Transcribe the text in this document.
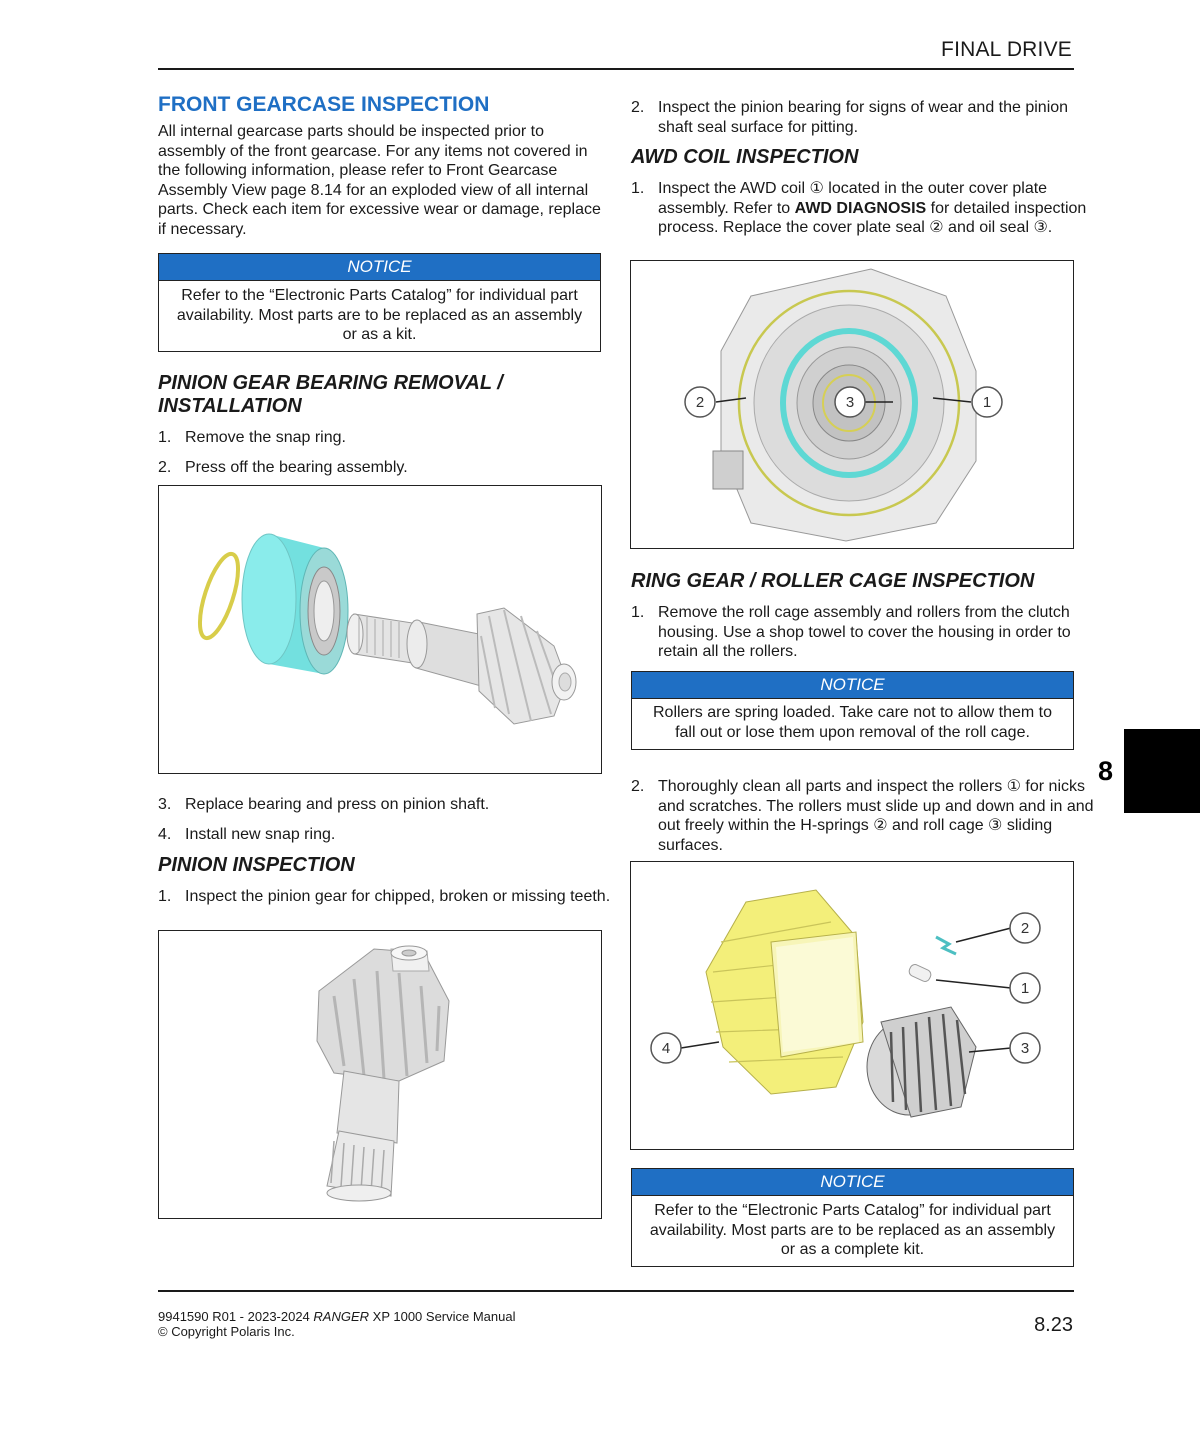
FINAL DRIVE
FRONT GEARCASE INSPECTION
All internal gearcase parts should be inspected prior to assembly of the front gearcase. For any items not covered in the following information, please refer to Front Gearcase Assembly View page 8.14 for an exploded view of all internal parts. Check each item for excessive wear or damage, replace if necessary.
NOTICE
Refer to the “Electronic Parts Catalog” for individual part availability. Most parts are to be replaced as an assembly or as a kit.
PINION GEAR BEARING REMOVAL /
INSTALLATION
1. Remove the snap ring.
2. Press off the bearing assembly.
3. Replace bearing and press on pinion shaft.
4. Install new snap ring.
PINION INSPECTION
1. Inspect the pinion gear for chipped, broken or missing teeth.
2. Inspect the pinion bearing for signs of wear and the pinion shaft seal surface for pitting.
AWD COIL INSPECTION
1. Inspect the AWD coil ① located in the outer cover plate assembly. Refer to AWD DIAGNOSIS for detailed inspection process. Replace the cover plate seal ② and oil seal ③.
2	3	1
RING GEAR / ROLLER CAGE INSPECTION
1. Remove the roll cage assembly and rollers from the clutch housing. Use a shop towel to cover the housing in order to retain all the rollers.
NOTICE
Rollers are spring loaded. Take care not to allow them to fall out or lose them upon removal of the roll cage.
2. Thoroughly clean all parts and inspect the rollers ① for nicks and scratches. The rollers must slide up and down and in and out freely within the H-springs ② and roll cage ③ sliding surfaces.
2
1
4	3
NOTICE
Refer to the “Electronic Parts Catalog” for individual part availability. Most parts are to be replaced as an assembly or as a complete kit.
8
9941590 R01 - 2023-2024 RANGER XP 1000 Service Manual
© Copyright Polaris Inc.	8.23
